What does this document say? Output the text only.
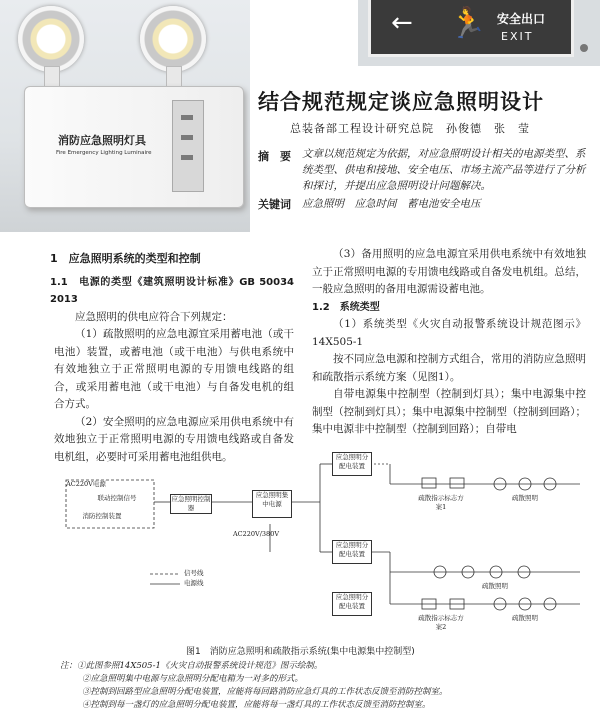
消防应急照明灯具
Fire Emergency Lighting Luminaire
← 🏃 安全出口
EXIT
结合规范规定谈应急照明设计
总装备部工程设计研究总院　孙俊德　张　莹
摘　要 文章以规范规定为依据，对应急照明设计相关的电源类型、系统类型、供电和接地、安全电压、市场主流产品等进行了分析和探讨，并提出应急照明设计问题解决。
关键词 应急照明　应急时间　蓄电池安全电压
1　应急照明系统的类型和控制
1.1　电源的类型《建筑照明设计标准》GB 50034 2013

应急照明的供电应符合下列规定：

（1）疏散照明的应急电源宜采用蓄电池（或干电池）装置，或蓄电池（或干电池）与供电系统中有效地独立于正常照明电源的专用馈电线路的组合，或采用蓄电池（或干电池）与自备发电机的组合方式。

（2）安全照明的应急电源应采用供电系统中有效地独立于正常照明电源的专用馈电线路或自备发电机组，必要时可采用蓄电池组供电。

（3）备用照明的应急电源宜采用供电系统中有效地独立于正常照明电源的专用馈电线路或自备发电机组。总结，一般应急照明的备用电源需设蓄电池。

1.2　系统类型

（1）系统类型《火灾自动报警系统设计规范图示》14X505-1

按不同应急电源和控制方式组合，常用的消防应急照明和疏散指示系统方案（见图1）。

自带电源集中控制型（控制到灯具）；集中电源集中控制型（控制到灯具）；集中电源集中控制型（控制到回路）；集中电源非中控制型（控制到回路）；自带电

AC220V电源
联动控制信号
消防控制装置
应急照明控制器
应急照明集中电源
AC220V/380V
应急照明分配电装置
应急照明分配电装置
应急照明分配电装置
疏散指示标志方案1
疏散照明
疏散照明
疏散指示标志方案2
疏散照明
信号线
电源线
图1　消防应急照明和疏散指示系统(集中电源集中控制型)
注：①此图参照14X505-1《火灾自动报警系统设计规范》图示绘制。
②应急照明集中电源与应急照明分配电箱为一对多的形式。
③控制到回路型应急照明分配电装置，应能将每回路消防应急灯具的工作状态反馈至消防控制室。
④控制到每一盏灯的应急照明分配电装置，应能将每一盏灯具的工作状态反馈至消防控制室。
